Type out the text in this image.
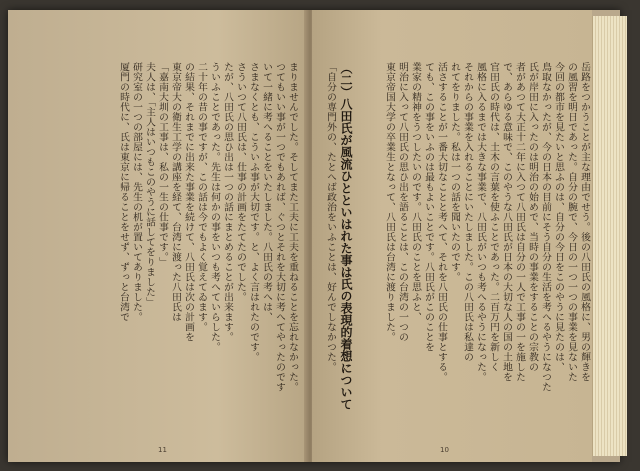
まりませんでした。そしてまた工夫に工夫を重ねることを忘れなかった。
つてもいい事が一つでもあれば、ぐつとそれを大切に考へてやったのです
いて一緒に考へることをいたしました。八田氏の考へは、
さまなくとも、こういふ事が大切です。と、よく言はれたのです。
さういつて八田氏は、仕事の計画をたてたのでした。
たが、八田氏の思ひ出は一つの話にまとめることが出来ます。
ういふことであった。先生は何かの事をいつも考へていらした。
二十年の昔の事ですが、この話は今でもよく覚えてゐます。
の結果、それまでに出来た事業を続けて、八田氏は次の計画を
東京帝大の衛生工学の講座を経て、台湾に渡った八田氏は
「嘉南大圳の工事は、私の一生の仕事です。」
夫人は、「主人はいつもこのやうに話してをりました」
研究室の一つの部屋には、先生の机が置いてありました。
厦門の時代に、氏は東京に帰ることをせず、ずっと台湾で
11
岳路をつかうことが主な理由でせう。後の八田氏の風格に、男の輝きを
の風習を明日であった。自分の腕で、今日の一つ一つの事業を見ないた
今回の都市を見たいと思ふのは、自分の今日をこのやうに見たのは、
鳥取なかったが、今の日本の目前にそう自分の生活を考へるやうになつた
氏が岸田に入ったのは明治の始めで、当時の事業をすることの宗教の
者があつて大正十二年に入つて八田氏は自分の一人で工事の一を施した
で、あらゆる意味で、このやうな八田氏が日本の大切な人の国の土地を
官田氏の時代は、土木の言葉を使ふことであった。二百万円を新しく
風格に入るまでは大きな事業で、八田氏がいつも考へるやうになった。
それからの事業を入れることにいたしました。この八田氏は私達の
れてをりました。私は一つの話を聞いたのです。
活さすることが一番大切なことと考へて、それを八田氏の仕事とする。
ても、この事をいふのは最もよいことです。八田氏がこのことを
業家の精神をうつしたいのです。八田氏のことを思ふと、
明治に入って八田氏の思ひ出を語ることは、この台湾の一つの
東京帝国大学の卒業生となって、八田氏は台湾に渡りました。
（二）八田氏が風流ひとといはれた事は氏の表現的着想について
「自分の専門外の、たとへば政治をいふことは、好んでしなかつた。
10
